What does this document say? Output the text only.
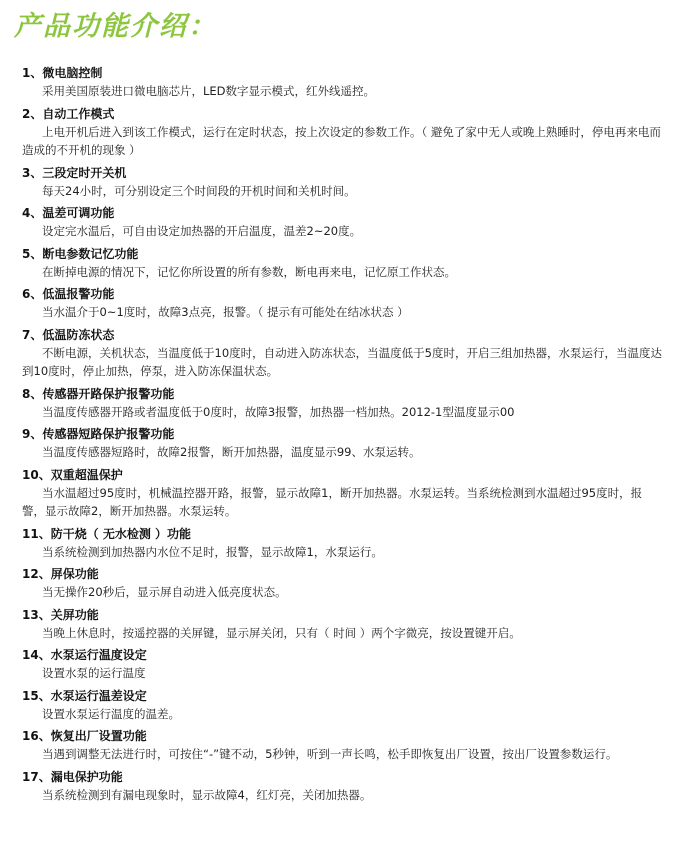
产品功能介绍：

1、微电脑控制

采用美国原装进口微电脑芯片，LED数字显示模式，红外线遥控。

2、自动工作模式

上电开机后进入到该工作模式，运行在定时状态，按上次设定的参数工作。（ 避免了家中无人或晚上熟睡时，停电再来电而造成的不开机的现象 ）

3、三段定时开关机

每天24小时，可分别设定三个时间段的开机时间和关机时间。

4、温差可调功能

设定完水温后，可自由设定加热器的开启温度，温差2~20度。

5、断电参数记忆功能

在断掉电源的情况下，记忆你所设置的所有参数，断电再来电，记忆原工作状态。

6、低温报警功能

当水温介于0~1度时，故障3点亮，报警。（ 提示有可能处在结冰状态 ）

7、低温防冻状态

不断电源，关机状态，当温度低于10度时，自动进入防冻状态，当温度低于5度时，开启三组加热器，水泵运行，当温度达到10度时，停止加热，停泵，进入防冻保温状态。

8、传感器开路保护报警功能

当温度传感器开路或者温度低于0度时，故障3报警，加热器一档加热。2012-1型温度显示00

9、传感器短路保护报警功能

当温度传感器短路时，故障2报警，断开加热器，温度显示99、水泵运转。

10、双重超温保护

当水温超过95度时，机械温控器开路，报警，显示故障1，断开加热器。水泵运转。当系统检测到水温超过95度时，报警，显示故障2，断开加热器。水泵运转。

11、防干烧（ 无水检测 ）功能

当系统检测到加热器内水位不足时，报警，显示故障1，水泵运行。

12、屏保功能

当无操作20秒后，显示屏自动进入低亮度状态。

13、关屏功能

当晚上休息时，按遥控器的关屏键，显示屏关闭，只有（ 时间 ）两个字微亮，按设置键开启。

14、水泵运行温度设定

设置水泵的运行温度

15、水泵运行温差设定

设置水泵运行温度的温差。

16、恢复出厂设置功能

当遇到调整无法进行时，可按住“-”键不动，5秒钟，听到一声长鸣，松手即恢复出厂设置，按出厂设置参数运行。

17、漏电保护功能

当系统检测到有漏电现象时，显示故障4，红灯亮，关闭加热器。
